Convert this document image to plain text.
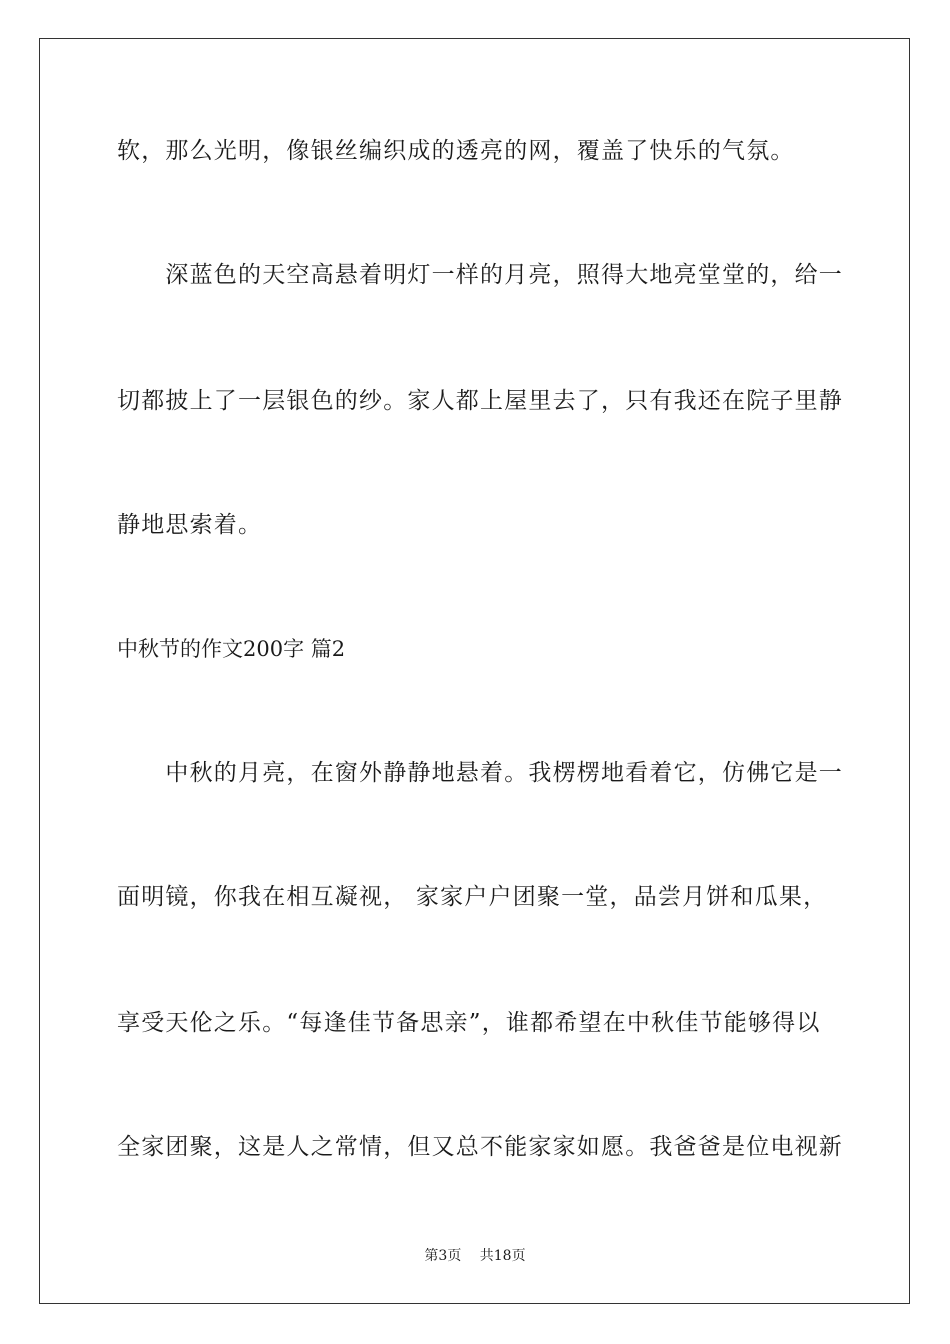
软，那么光明，像银丝编织成的透亮的网，覆盖了快乐的气氛。
　　深蓝色的天空高悬着明灯一样的月亮，照得大地亮堂堂的，给一
切都披上了一层银色的纱。家人都上屋里去了，只有我还在院子里静
静地思索着。
中秋节的作文200字 篇2
　　中秋的月亮，在窗外静静地悬着。我楞楞地看着它，仿佛它是一
面明镜，你我在相互凝视， 家家户户团聚一堂，品尝月饼和瓜果，
享受天伦之乐。“每逢佳节备思亲”，谁都希望在中秋佳节能够得以
全家团聚，这是人之常情，但又总不能家家如愿。我爸爸是位电视新
第3页　 共18页
